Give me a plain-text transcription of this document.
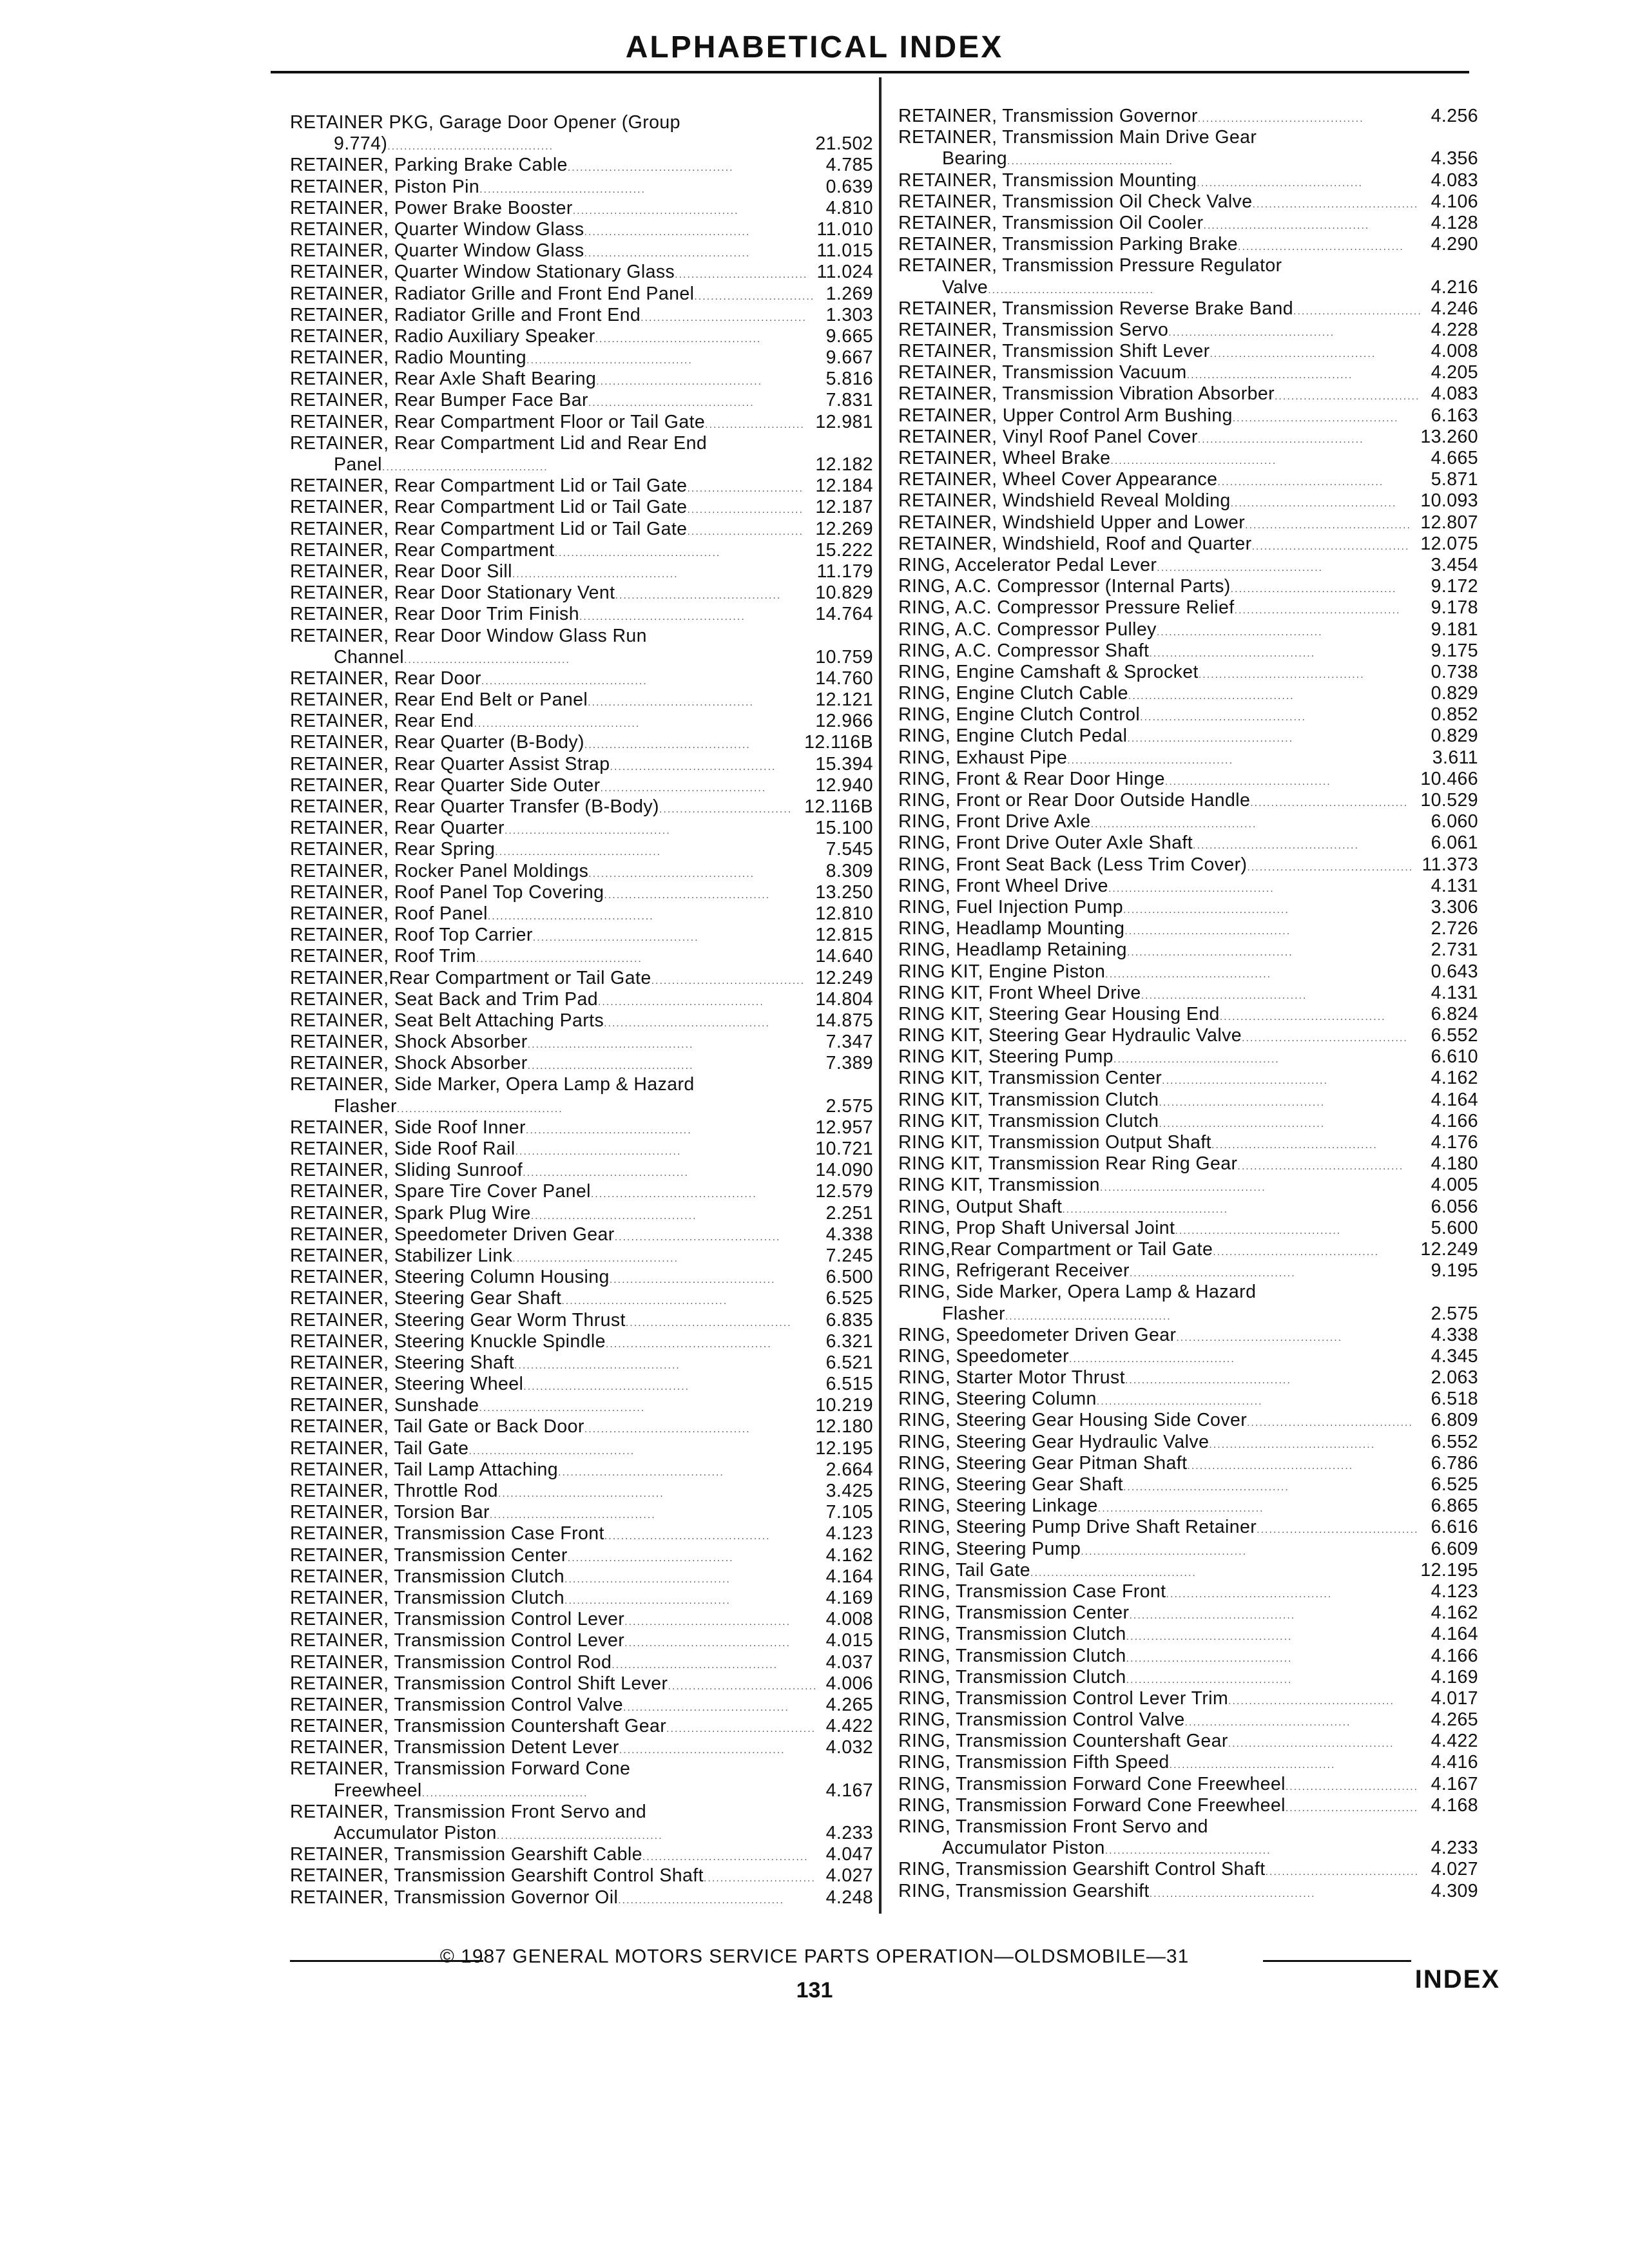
ALPHABETICAL INDEX
RETAINER PKG, Garage Door Opener (Group
9.774)........................................	21.502
RETAINER, Parking Brake Cable........................................	4.785
RETAINER, Piston Pin........................................	0.639
RETAINER, Power Brake Booster........................................	4.810
RETAINER, Quarter Window Glass........................................	11.010
RETAINER, Quarter Window Glass........................................	11.015
RETAINER, Quarter Window Stationary Glass................................ 11.024
RETAINER, Radiator Grille and Front End Panel............................. 1.269
RETAINER, Radiator Grille and Front End........................................ 1.303
RETAINER, Radio Auxiliary Speaker........................................	9.665
RETAINER, Radio Mounting........................................	9.667
RETAINER, Rear Axle Shaft Bearing........................................	5.816
RETAINER, Rear Bumper Face Bar........................................	7.831
RETAINER, Rear Compartment Floor or Tail Gate........................ 12.981
RETAINER, Rear Compartment Lid and Rear End
Panel........................................	12.182
RETAINER, Rear Compartment Lid or Tail Gate............................ 12.184
RETAINER, Rear Compartment Lid or Tail Gate............................ 12.187
RETAINER, Rear Compartment Lid or Tail Gate............................ 12.269
RETAINER, Rear Compartment........................................	15.222
RETAINER, Rear Door Sill........................................	11.179
RETAINER, Rear Door Stationary Vent........................................ 10.829
RETAINER, Rear Door Trim Finish........................................	14.764
RETAINER, Rear Door Window Glass Run
Channel........................................	10.759
RETAINER, Rear Door........................................	14.760
RETAINER, Rear End Belt or Panel........................................	12.121
RETAINER, Rear End........................................	12.966
RETAINER, Rear Quarter (B-Body)........................................	12.116B
RETAINER, Rear Quarter Assist Strap........................................ 15.394
RETAINER, Rear Quarter Side Outer........................................	12.940
RETAINER, Rear Quarter Transfer (B-Body)................................ 12.116B
RETAINER, Rear Quarter........................................	15.100
RETAINER, Rear Spring........................................	7.545
RETAINER, Rocker Panel Moldings........................................	8.309
RETAINER, Roof Panel Top Covering........................................ 13.250
RETAINER, Roof Panel........................................	12.810
RETAINER, Roof Top Carrier........................................	12.815
RETAINER, Roof Trim........................................	14.640
RETAINER,Rear Compartment or Tail Gate..................................... 12.249
RETAINER, Seat Back and Trim Pad........................................	14.804
RETAINER, Seat Belt Attaching Parts........................................ 14.875
RETAINER, Shock Absorber........................................	7.347
RETAINER, Shock Absorber........................................	7.389
RETAINER, Side Marker, Opera Lamp & Hazard
Flasher........................................	2.575
RETAINER, Side Roof Inner........................................	12.957
RETAINER, Side Roof Rail........................................	10.721
RETAINER, Sliding Sunroof........................................	14.090
RETAINER, Spare Tire Cover Panel........................................	12.579
RETAINER, Spark Plug Wire........................................	2.251
RETAINER, Speedometer Driven Gear........................................ 4.338
RETAINER, Stabilizer Link........................................	7.245
RETAINER, Steering Column Housing........................................	6.500
RETAINER, Steering Gear Shaft........................................	6.525
RETAINER, Steering Gear Worm Thrust........................................ 6.835
RETAINER, Steering Knuckle Spindle........................................	6.321
RETAINER, Steering Shaft........................................	6.521
RETAINER, Steering Wheel........................................	6.515
RETAINER, Sunshade........................................	10.219
RETAINER, Tail Gate or Back Door........................................	12.180
RETAINER, Tail Gate........................................	12.195
RETAINER, Tail Lamp Attaching........................................	2.664
RETAINER, Throttle Rod........................................	3.425
RETAINER, Torsion Bar........................................	7.105
RETAINER, Transmission Case Front........................................	4.123
RETAINER, Transmission Center........................................	4.162
RETAINER, Transmission Clutch........................................	4.164
RETAINER, Transmission Clutch........................................	4.169
RETAINER, Transmission Control Lever........................................ 4.008
RETAINER, Transmission Control Lever........................................ 4.015
RETAINER, Transmission Control Rod........................................	4.037
RETAINER, Transmission Control Shift Lever.................................... 4.006
RETAINER, Transmission Control Valve........................................ 4.265
RETAINER, Transmission Countershaft Gear.................................... 4.422
RETAINER, Transmission Detent Lever........................................ 4.032
RETAINER, Transmission Forward Cone
Freewheel........................................	4.167
RETAINER, Transmission Front Servo and
Accumulator Piston........................................	4.233
RETAINER, Transmission Gearshift Cable........................................ 4.047
RETAINER, Transmission Gearshift Control Shaft........................... 4.027
RETAINER, Transmission Governor Oil........................................ 4.248
RETAINER, Transmission Governor........................................	4.256
RETAINER, Transmission Main Drive Gear
Bearing........................................	4.356
RETAINER, Transmission Mounting........................................	4.083
RETAINER, Transmission Oil Check Valve........................................ 4.106
RETAINER, Transmission Oil Cooler........................................	4.128
RETAINER, Transmission Parking Brake........................................ 4.290
RETAINER, Transmission Pressure Regulator
Valve........................................	4.216
RETAINER, Transmission Reverse Brake Band............................... 4.246
RETAINER, Transmission Servo........................................	4.228
RETAINER, Transmission Shift Lever........................................	4.008
RETAINER, Transmission Vacuum........................................	4.205
RETAINER, Transmission Vibration Absorber................................... 4.083
RETAINER, Upper Control Arm Bushing........................................ 6.163
RETAINER, Vinyl Roof Panel Cover........................................	13.260
RETAINER, Wheel Brake........................................	4.665
RETAINER, Wheel Cover Appearance........................................	5.871
RETAINER, Windshield Reveal Molding........................................ 10.093
RETAINER, Windshield Upper and Lower........................................ 12.807
RETAINER, Windshield, Roof and Quarter...................................... 12.075
RING, Accelerator Pedal Lever........................................	3.454
RING, A.C. Compressor (Internal Parts)........................................ 9.172
RING, A.C. Compressor Pressure Relief........................................ 9.178
RING, A.C. Compressor Pulley........................................	9.181
RING, A.C. Compressor Shaft........................................	9.175
RING, Engine Camshaft & Sprocket........................................	0.738
RING, Engine Clutch Cable........................................	0.829
RING, Engine Clutch Control........................................	0.852
RING, Engine Clutch Pedal........................................	0.829
RING, Exhaust Pipe........................................	3.611
RING, Front & Rear Door Hinge........................................	10.466
RING, Front or Rear Door Outside Handle...................................... 10.529
RING, Front Drive Axle........................................	6.060
RING, Front Drive Outer Axle Shaft........................................	6.061
RING, Front Seat Back (Less Trim Cover)........................................ 11.373
RING, Front Wheel Drive........................................	4.131
RING, Fuel Injection Pump........................................	3.306
RING, Headlamp Mounting........................................	2.726
RING, Headlamp Retaining........................................	2.731
RING KIT, Engine Piston........................................	0.643
RING KIT, Front Wheel Drive........................................	4.131
RING KIT, Steering Gear Housing End........................................ 6.824
RING KIT, Steering Gear Hydraulic Valve........................................ 6.552
RING KIT, Steering Pump........................................	6.610
RING KIT, Transmission Center........................................	4.162
RING KIT, Transmission Clutch........................................	4.164
RING KIT, Transmission Clutch........................................	4.166
RING KIT, Transmission Output Shaft........................................	4.176
RING KIT, Transmission Rear Ring Gear........................................ 4.180
RING KIT, Transmission........................................	4.005
RING, Output Shaft........................................	6.056
RING, Prop Shaft Universal Joint........................................	5.600
RING,Rear Compartment or Tail Gate........................................ 12.249
RING, Refrigerant Receiver........................................	9.195
RING, Side Marker, Opera Lamp & Hazard
Flasher........................................	2.575
RING, Speedometer Driven Gear........................................	4.338
RING, Speedometer........................................	4.345
RING, Starter Motor Thrust........................................	2.063
RING, Steering Column........................................	6.518
RING, Steering Gear Housing Side Cover........................................ 6.809
RING, Steering Gear Hydraulic Valve........................................	6.552
RING, Steering Gear Pitman Shaft........................................	6.786
RING, Steering Gear Shaft........................................	6.525
RING, Steering Linkage........................................	6.865
RING, Steering Pump Drive Shaft Retainer....................................... 6.616
RING, Steering Pump........................................	6.609
RING, Tail Gate........................................	12.195
RING, Transmission Case Front........................................	4.123
RING, Transmission Center........................................	4.162
RING, Transmission Clutch........................................	4.164
RING, Transmission Clutch........................................	4.166
RING, Transmission Clutch........................................	4.169
RING, Transmission Control Lever Trim........................................ 4.017
RING, Transmission Control Valve........................................	4.265
RING, Transmission Countershaft Gear........................................ 4.422
RING, Transmission Fifth Speed........................................	4.416
RING, Transmission Forward Cone Freewheel................................ 4.167
RING, Transmission Forward Cone Freewheel................................ 4.168
RING, Transmission Front Servo and
Accumulator Piston........................................	4.233
RING, Transmission Gearshift Control Shaft..................................... 4.027
RING, Transmission Gearshift........................................	4.309
© 1987 GENERAL MOTORS SERVICE PARTS OPERATION—OLDSMOBILE—31
131	INDEX
